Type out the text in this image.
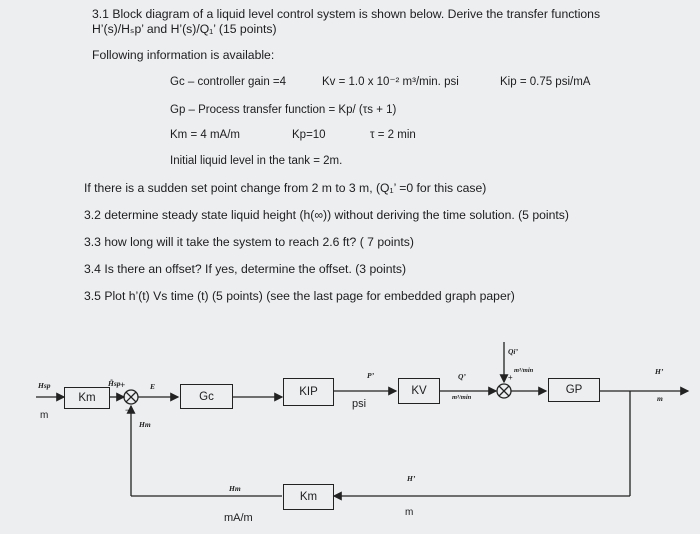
3.1 Block diagram of a liquid level control system is shown below. Derive the transfer functions
H’(s)/Hₛp’ and H’(s)/Q₁’ (15 points)
Following information is available:
Gc – controller gain =4	Kv = 1.0 x 10⁻² m³/min. psi	Kip = 0.75 psi/mA
Gp – Process transfer function = Kp/ (τs + 1)
Km = 4 mA/m	Kp=10	τ = 2 min
Initial liquid level in the tank = 2m.
If there is a sudden set point change from 2 m to 3 m, (Q₁’ =0 for this case)
3.2 determine steady state liquid height (h(∞)) without deriving the time solution. (5 points)
3.3 how long will it take the system to reach 2.6 ft? ( 7 points)
3.4 Is there an offset? If yes, determine the offset. (3 points)
3.5 Plot h’(t) Vs time (t) (5 points) (see the last page for embedded graph paper)
Km	Gc	KIP	KV	GP
Km
Hsp
m
H̃sp	E
Hm
+
−
P’
psi
Q’
m³/min
Qi’
m³/min
+
H’
m
H’
m
Hm
mA/m
